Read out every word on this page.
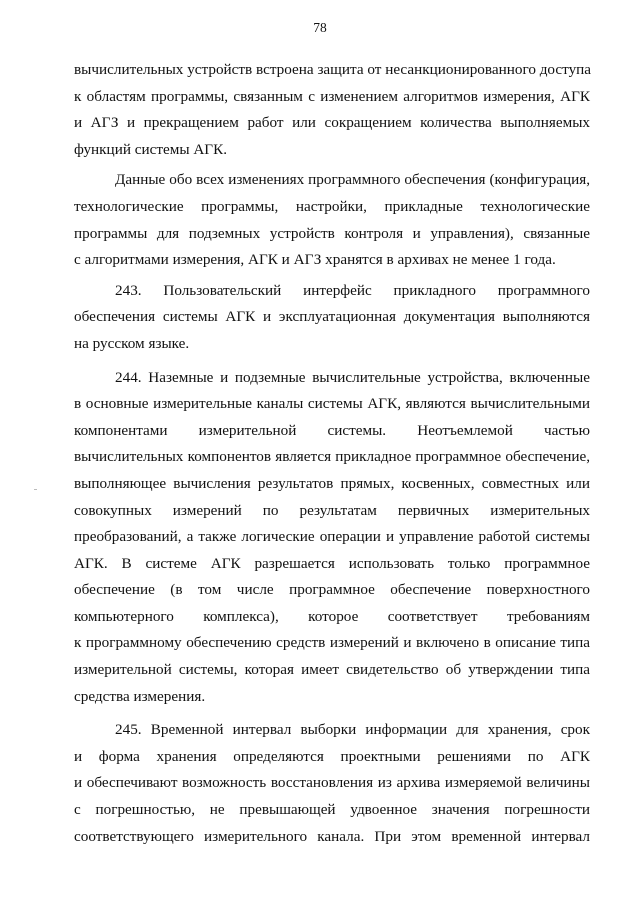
78
вычислительных устройств встроена защита от несанкционированного доступа
к областям программы, связанным с изменением алгоритмов измерения, АГК
и АГЗ и прекращением работ или сокращением количества выполняемых
функций системы АГК.
Данные обо всех изменениях программного обеспечения (конфигурация,
технологические программы, настройки, прикладные технологические
программы для подземных устройств контроля и управления), связанные
с алгоритмами измерения, АГК и АГЗ хранятся в архивах не менее 1 года.
243. Пользовательский интерфейс прикладного программного
обеспечения системы АГК и эксплуатационная документация выполняются
на русском языке.
244. Наземные и подземные вычислительные устройства, включенные
в основные измерительные каналы системы АГК, являются вычислительными
компонентами измерительной системы. Неотъемлемой частью
вычислительных компонентов является прикладное программное обеспечение,
выполняющее вычисления результатов прямых, косвенных, совместных или
совокупных измерений по результатам первичных измерительных
преобразований, а также логические операции и управление работой системы
АГК. В системе АГК разрешается использовать только программное
обеспечение (в том числе программное обеспечение поверхностного
компьютерного комплекса), которое соответствует требованиям
к программному обеспечению средств измерений и включено в описание типа
измерительной системы, которая имеет свидетельство об утверждении типа
средства измерения.
245. Временной интервал выборки информации для хранения, срок
и форма хранения определяются проектными решениями по АГК
и обеспечивают возможность восстановления из архива измеряемой величины
с погрешностью, не превышающей удвоенное значения погрешности
соответствующего измерительного канала. При этом временной интервал
